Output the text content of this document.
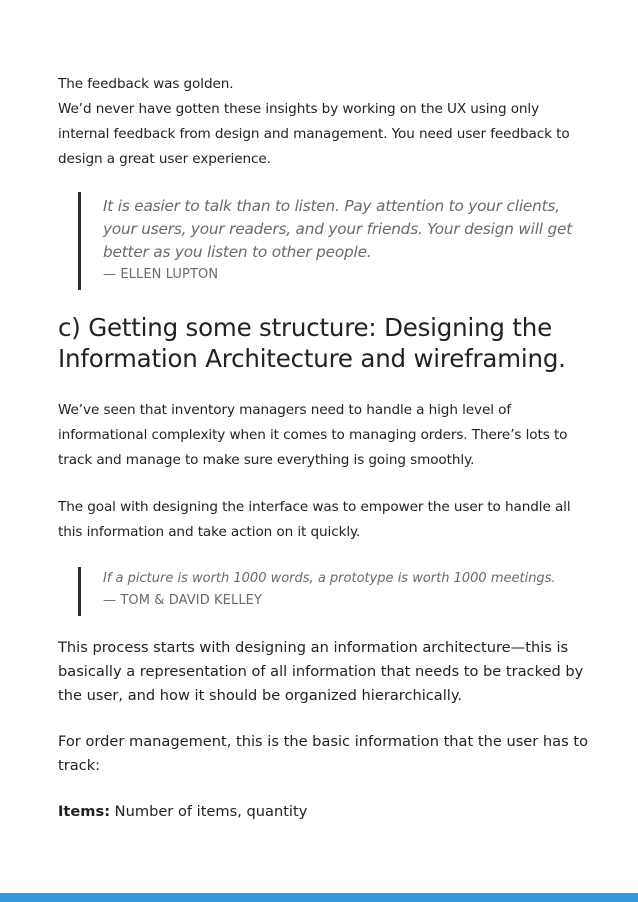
The feedback was golden.

We’d never have gotten these insights by working on the UX using only internal feedback from design and management. You need user feedback to design a great user experience.

It is easier to talk than to listen. Pay attention to your clients, your users, your readers, and your friends. Your design will get better as you listen to other people.

— ELLEN LUPTON

c) Getting some structure: Designing the Information Architecture and wireframing.

We’ve seen that inventory managers need to handle a high level of informational complexity when it comes to managing orders. There’s lots to track and manage to make sure everything is going smoothly.

The goal with designing the interface was to empower the user to handle all this information and take action on it quickly.

If a picture is worth 1000 words, a prototype is worth 1000 meetings.

— TOM & DAVID KELLEY

This process starts with designing an information architecture—this is basically a representation of all information that needs to be tracked by the user, and how it should be organized hierarchically.

For order management, this is the basic information that the user has to track:

Items: Number of items, quantity
